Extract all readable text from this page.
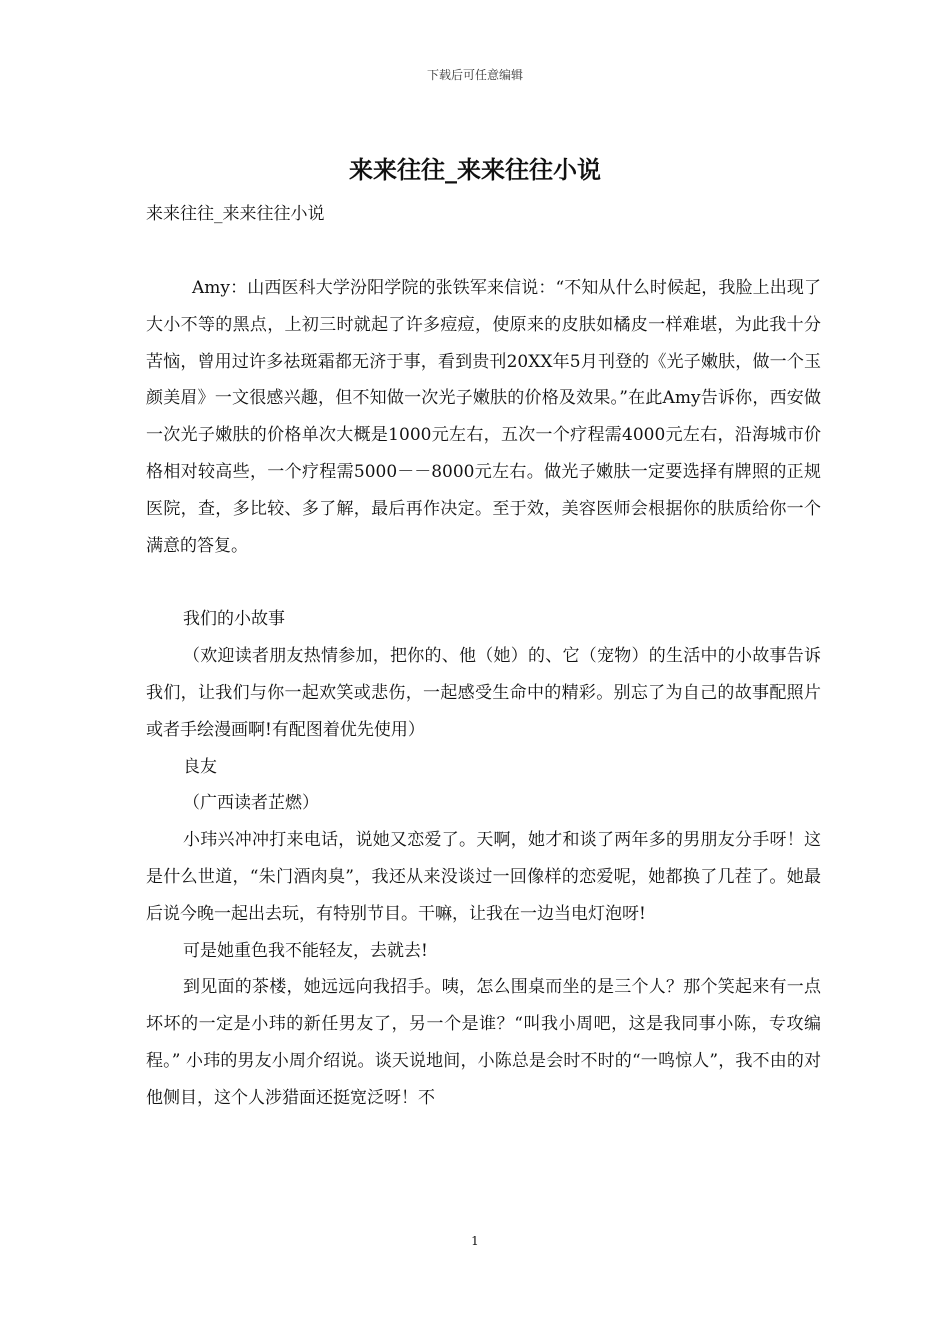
下载后可任意编辑
来来往往_来来往往小说
来来往往_来来往往小说

Amy：山西医科大学汾阳学院的张铁军来信说：“不知从什么时候起，我脸上出现了大小不等的黑点，上初三时就起了许多痘痘，使原来的皮肤如橘皮一样难堪，为此我十分苦恼，曾用过许多祛斑霜都无济于事，看到贵刊20XX年5月刊登的《光子嫩肤，做一个玉颜美眉》一文很感兴趣，但不知做一次光子嫩肤的价格及效果。”在此Amy告诉你，西安做一次光子嫩肤的价格单次大概是1000元左右，五次一个疗程需4000元左右，沿海城市价格相对较高些，一个疗程需5000－－8000元左右。做光子嫩肤一定要选择有牌照的正规医院，查，多比较、多了解，最后再作决定。至于效，美容医师会根据你的肤质给你一个满意的答复。

我们的小故事

（欢迎读者朋友热情参加，把你的、他（她）的、它（宠物）的生活中的小故事告诉我们，让我们与你一起欢笑或悲伤，一起感受生命中的精彩。别忘了为自己的故事配照片或者手绘漫画啊!有配图着优先使用）

良友

（广西读者芷燃）

小玮兴冲冲打来电话，说她又恋爱了。天啊，她才和谈了两年多的男朋友分手呀！这是什么世道，“朱门酒肉臭”，我还从来没谈过一回像样的恋爱呢，她都换了几茬了。她最后说今晚一起出去玩，有特别节目。干嘛，让我在一边当电灯泡呀!

可是她重色我不能轻友，去就去!

到见面的茶楼，她远远向我招手。咦，怎么围桌而坐的是三个人？那个笑起来有一点坏坏的一定是小玮的新任男友了，另一个是谁？“叫我小周吧，这是我同事小陈，专攻编程。” 小玮的男友小周介绍说。谈天说地间，小陈总是会时不时的“一鸣惊人”，我不由的对他侧目，这个人涉猎面还挺宽泛呀！不

1
